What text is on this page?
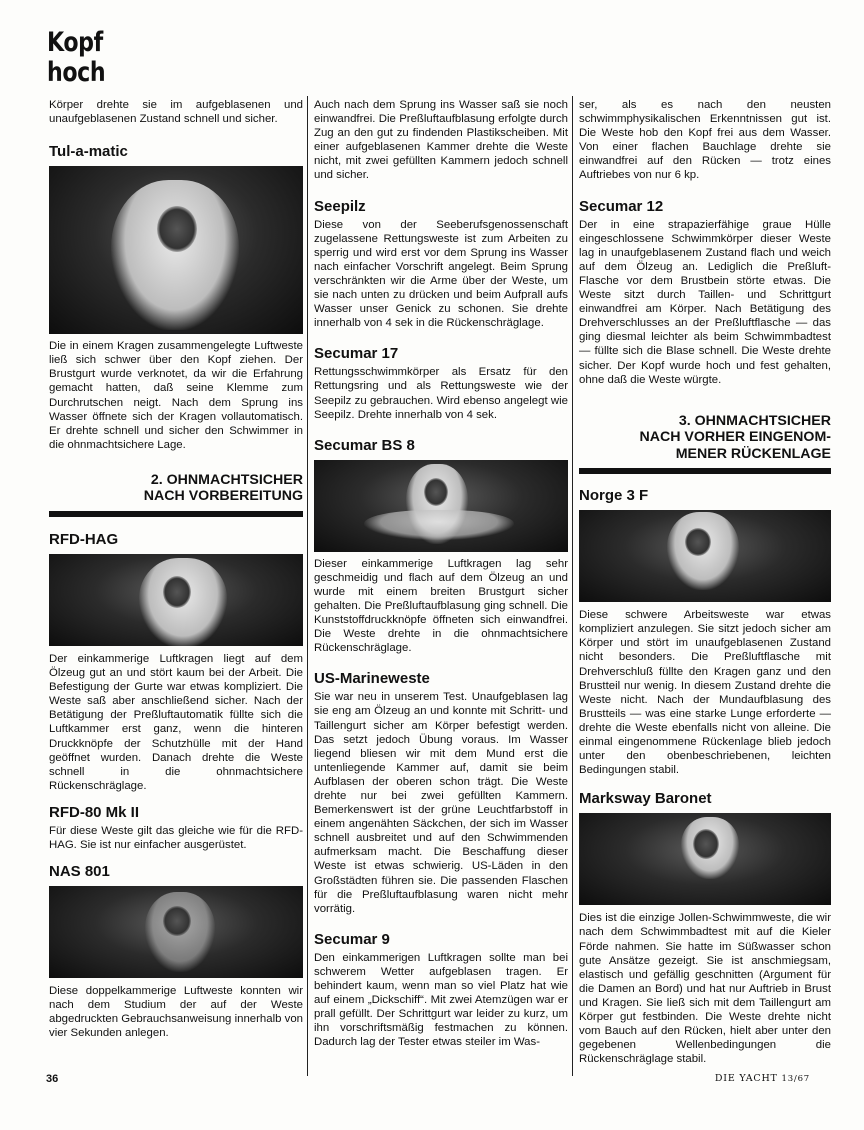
Kopf
hoch

Körper drehte sie im aufgeblasenen und unaufgeblasenen Zustand schnell und sicher.

Tul-a-matic

Die in einem Kragen zusammengelegte Luftweste ließ sich schwer über den Kopf ziehen. Der Brustgurt wurde verknotet, da wir die Erfahrung gemacht hatten, daß seine Klemme zum Durchrutschen neigt. Nach dem Sprung ins Wasser öffnete sich der Kragen vollautomatisch. Er drehte schnell und sicher den Schwimmer in die ohnmachtsichere Lage.

2. OHNMACHTSICHER

NACH VORBEREITUNG

RFD-HAG

Der einkammerige Luftkragen liegt auf dem Ölzeug gut an und stört kaum bei der Arbeit. Die Befestigung der Gurte war etwas kompliziert. Die Weste saß aber anschließend sicher. Nach der Betätigung der Preßluftautomatik füllte sich die Luftkammer erst ganz, wenn die hinteren Druckknöpfe der Schutzhülle mit der Hand geöffnet wurden. Danach drehte die Weste schnell in die ohnmachtsichere Rückenschräglage.

RFD-80 Mk II

Für diese Weste gilt das gleiche wie für die RFD-HAG. Sie ist nur einfacher ausgerüstet.

NAS 801

Diese doppelkammerige Luftweste konnten wir nach dem Studium der auf der Weste abgedruckten Gebrauchsanweisung innerhalb von vier Sekunden anlegen.

Auch nach dem Sprung ins Wasser saß sie noch einwandfrei. Die Preßluftaufblasung erfolgte durch Zug an den gut zu findenden Plastikscheiben. Mit einer aufgeblasenen Kammer drehte die Weste nicht, mit zwei gefüllten Kammern jedoch schnell und sicher.

Seepilz

Diese von der Seeberufsgenossenschaft zugelassene Rettungsweste ist zum Arbeiten zu sperrig und wird erst vor dem Sprung ins Wasser nach einfacher Vorschrift angelegt. Beim Sprung verschränkten wir die Arme über der Weste, um sie nach unten zu drücken und beim Aufprall aufs Wasser unser Genick zu schonen. Sie drehte innerhalb von 4 sek in die Rückenschräglage.

Secumar 17

Rettungsschwimmkörper als Ersatz für den Rettungsring und als Rettungsweste wie der Seepilz zu gebrauchen. Wird ebenso angelegt wie Seepilz. Drehte innerhalb von 4 sek.

Secumar BS 8

Dieser einkammerige Luftkragen lag sehr geschmeidig und flach auf dem Ölzeug an und wurde mit einem breiten Brustgurt sicher gehalten. Die Preßluftaufblasung ging schnell. Die Kunststoffdruckknöpfe öffneten sich einwandfrei. Die Weste drehte in die ohnmachtsichere Rückenschräglage.

US-Marineweste

Sie war neu in unserem Test. Unaufgeblasen lag sie eng am Ölzeug an und konnte mit Schritt- und Taillengurt sicher am Körper befestigt werden. Das setzt jedoch Übung voraus. Im Wasser liegend bliesen wir mit dem Mund erst die untenliegende Kammer auf, damit sie beim Aufblasen der oberen schon trägt. Die Weste drehte nur bei zwei gefüllten Kammern. Bemerkenswert ist der grüne Leuchtfarbstoff in einem angenähten Säckchen, der sich im Wasser schnell ausbreitet und auf den Schwimmenden aufmerksam macht. Die Beschaffung dieser Weste ist etwas schwierig. US-Läden in den Großstädten führen sie. Die passenden Flaschen für die Preßluftaufblasung waren nicht mehr vorrätig.

Secumar 9

Den einkammerigen Luftkragen sollte man bei schwerem Wetter aufgeblasen tragen. Er behindert kaum, wenn man so viel Platz hat wie auf einem „Dickschiff“. Mit zwei Atemzügen war er prall gefüllt. Der Schrittgurt war leider zu kurz, um ihn vorschriftsmäßig festmachen zu können. Dadurch lag der Tester etwas steiler im Was-

ser, als es nach den neusten schwimmphysikalischen Erkenntnissen gut ist. Die Weste hob den Kopf frei aus dem Wasser. Von einer flachen Bauchlage drehte sie einwandfrei auf den Rücken — trotz eines Auftriebes von nur 6 kp.

Secumar 12

Der in eine strapazierfähige graue Hülle eingeschlossene Schwimmkörper dieser Weste lag in unaufgeblasenem Zustand flach und weich auf dem Ölzeug an. Lediglich die Preßluft-Flasche vor dem Brustbein störte etwas. Die Weste sitzt durch Taillen- und Schrittgurt einwandfrei am Körper. Nach Betätigung des Drehverschlusses an der Preßluftflasche — das ging diesmal leichter als beim Schwimmbadtest — füllte sich die Blase schnell. Die Weste drehte sicher. Der Kopf wurde hoch und fest gehalten, ohne daß die Weste würgte.

3. OHNMACHTSICHER

NACH VORHER EINGENOM-

MENER RÜCKENLAGE

Norge 3 F

Diese schwere Arbeitsweste war etwas kompliziert anzulegen. Sie sitzt jedoch sicher am Körper und stört im unaufgeblasenen Zustand nicht besonders. Die Preßluftflasche mit Drehverschluß füllte den Kragen ganz und den Brustteil nur wenig. In diesem Zustand drehte die Weste nicht. Nach der Mundaufblasung des Brustteils — was eine starke Lunge erforderte — drehte die Weste ebenfalls nicht von alleine. Die einmal eingenommene Rückenlage blieb jedoch unter den obenbeschriebenen, leichten Bedingungen stabil.

Marksway Baronet

Dies ist die einzige Jollen-Schwimmweste, die wir nach dem Schwimmbadtest mit auf die Kieler Förde nahmen. Sie hatte im Süßwasser schon gute Ansätze gezeigt. Sie ist anschmiegsam, elastisch und gefällig geschnitten (Argument für die Damen an Bord) und hat nur Auftrieb in Brust und Kragen. Sie ließ sich mit dem Taillengurt am Körper gut festbinden. Die Weste drehte nicht vom Bauch auf den Rücken, hielt aber unter den gegebenen Wellenbedingungen die Rückenschräglage stabil.

36	DIE YACHT 13/67
